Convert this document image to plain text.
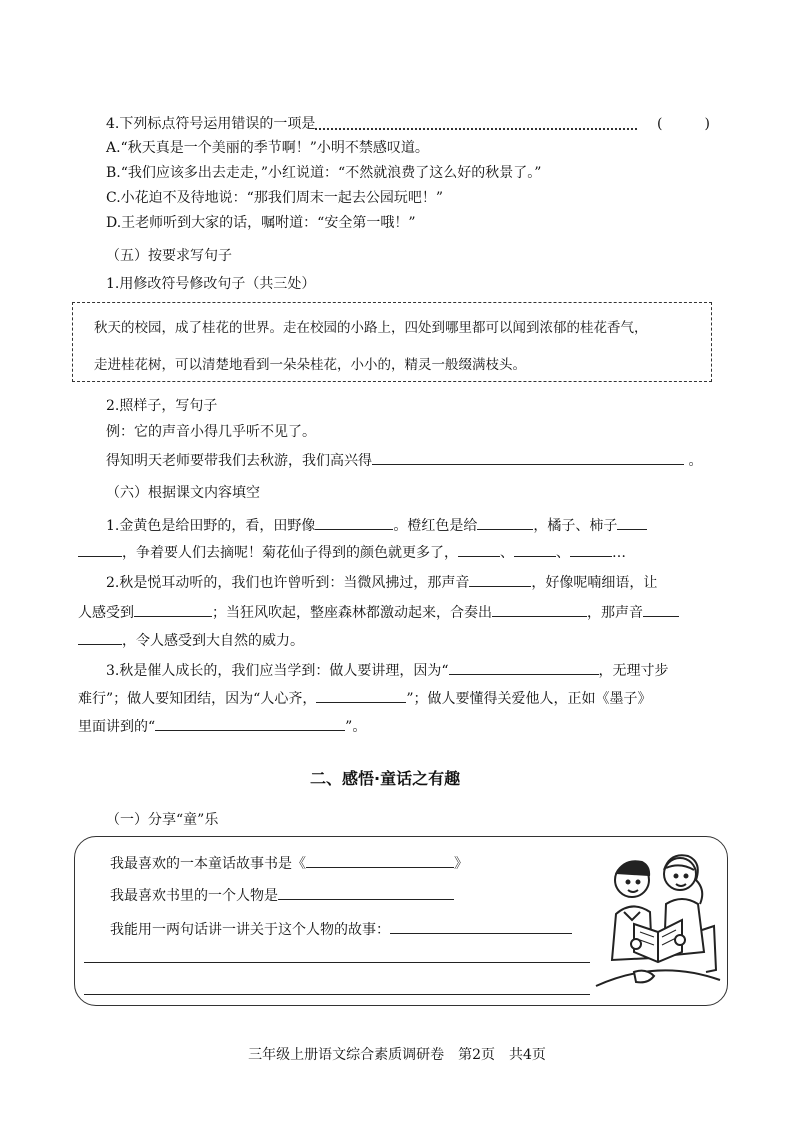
4.下列标点符号运用错误的一项是	(　　　)
A.“秋天真是一个美丽的季节啊！”小明不禁感叹道。
B.“我们应该多出去走走，”小红说道：“不然就浪费了这么好的秋景了。”
C.小花迫不及待地说：“那我们周末一起去公园玩吧！”
D.王老师听到大家的话，嘱咐道：“安全第一哦！”
（五）按要求写句子
1.用修改符号修改句子（共三处）
秋天的校园，成了桂花的世界。走在校园的小路上，四处到哪里都可以闻到浓郁的桂花香气，
走进桂花树，可以清楚地看到一朵朵桂花，小小的，精灵一般缀满枝头。
2.照样子，写句子
例：它的声音小得几乎听不见了。
得知明天老师要带我们去秋游，我们高兴得	。
（六）根据课文内容填空
1.金黄色是给田野的，看，田野像	。橙红色是给	，橘子、柿子
，争着要人们去摘呢！菊花仙子得到的颜色就更多了，	、	、	…
2.秋是悦耳动听的，我们也许曾听到：当微风拂过，那声音	，好像呢喃细语，让
人感受到	；当狂风吹起，整座森林都激动起来，合奏出	，那声音
，令人感受到大自然的威力。
3.秋是催人成长的，我们应当学到：做人要讲理，因为“	，无理寸步
难行”；做人要知团结，因为“人心齐，	”；做人要懂得关爱他人，正如《墨子》
里面讲到的“	”。
二、感悟·童话之有趣
（一）分享“童”乐
我最喜欢的一本童话故事书是《	》
我最喜欢书里的一个人物是
我能用一两句话讲一讲关于这个人物的故事：
三年级上册语文综合素质调研卷　第2页　共4页
